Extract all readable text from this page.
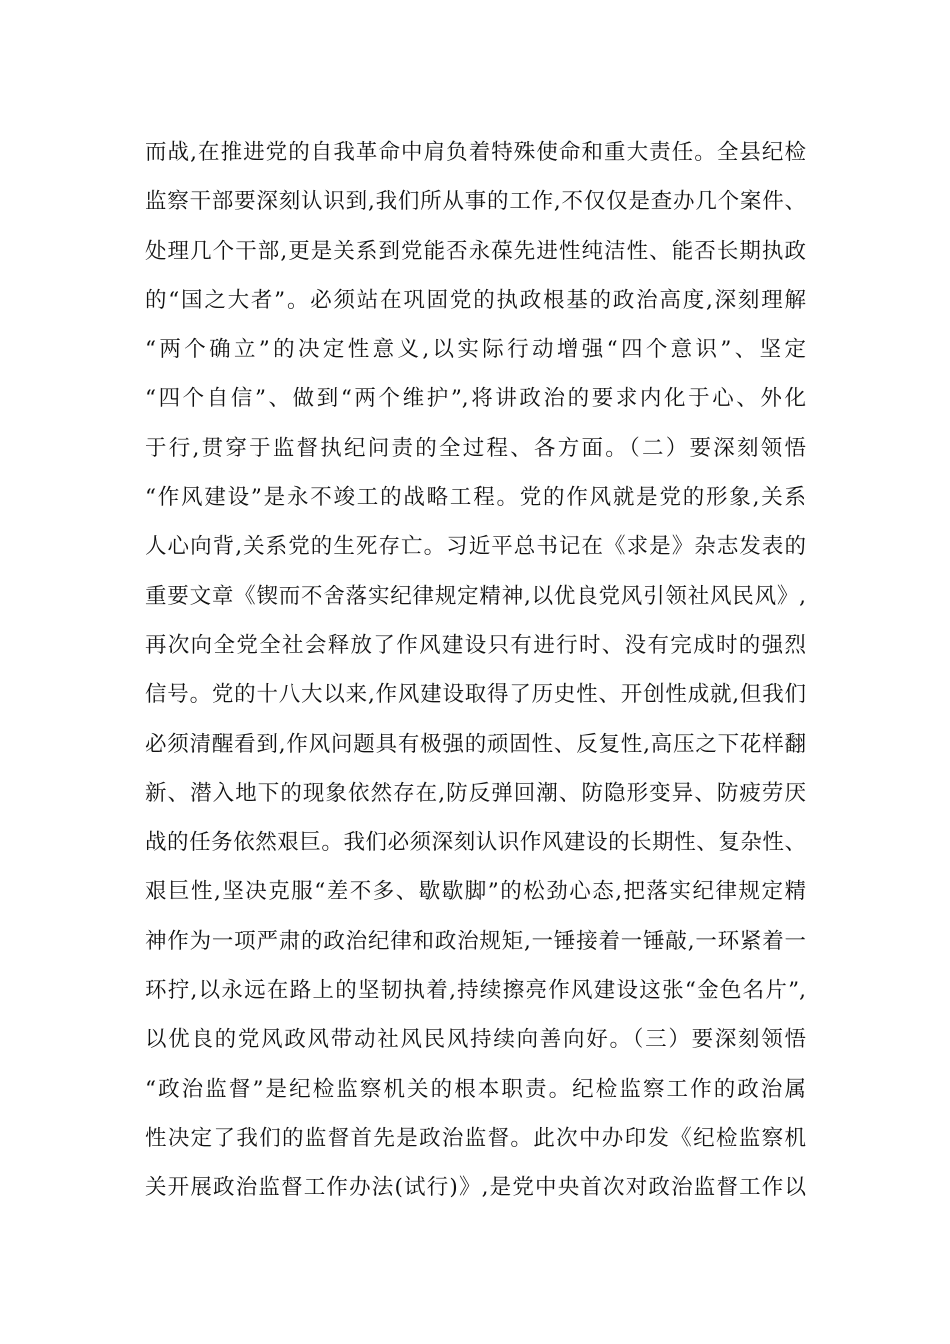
而战,在推进党的自我革命中肩负着特殊使命和重大责任。全县纪检
监察干部要深刻认识到,我们所从事的工作,不仅仅是查办几个案件、
处理几个干部,更是关系到党能否永葆先进性纯洁性、能否长期执政
的“国之大者”。必须站在巩固党的执政根基的政治高度,深刻理解
“两个确立”的决定性意义,以实际行动增强“四个意识”、坚定
“四个自信”、做到“两个维护”,将讲政治的要求内化于心、外化
于行,贯穿于监督执纪问责的全过程、各方面。（二）要深刻领悟
“作风建设”是永不竣工的战略工程。党的作风就是党的形象,关系
人心向背,关系党的生死存亡。习近平总书记在《求是》杂志发表的
重要文章《锲而不舍落实纪律规定精神,以优良党风引领社风民风》,
再次向全党全社会释放了作风建设只有进行时、没有完成时的强烈
信号。党的十八大以来,作风建设取得了历史性、开创性成就,但我们
必须清醒看到,作风问题具有极强的顽固性、反复性,高压之下花样翻
新、潜入地下的现象依然存在,防反弹回潮、防隐形变异、防疲劳厌
战的任务依然艰巨。我们必须深刻认识作风建设的长期性、复杂性、
艰巨性,坚决克服“差不多、歇歇脚”的松劲心态,把落实纪律规定精
神作为一项严肃的政治纪律和政治规矩,一锤接着一锤敲,一环紧着一
环拧,以永远在路上的坚韧执着,持续擦亮作风建设这张“金色名片”,
以优良的党风政风带动社风民风持续向善向好。（三）要深刻领悟
“政治监督”是纪检监察机关的根本职责。纪检监察工作的政治属
性决定了我们的监督首先是政治监督。此次中办印发《纪检监察机
关开展政治监督工作办法(试行)》,是党中央首次对政治监督工作以
